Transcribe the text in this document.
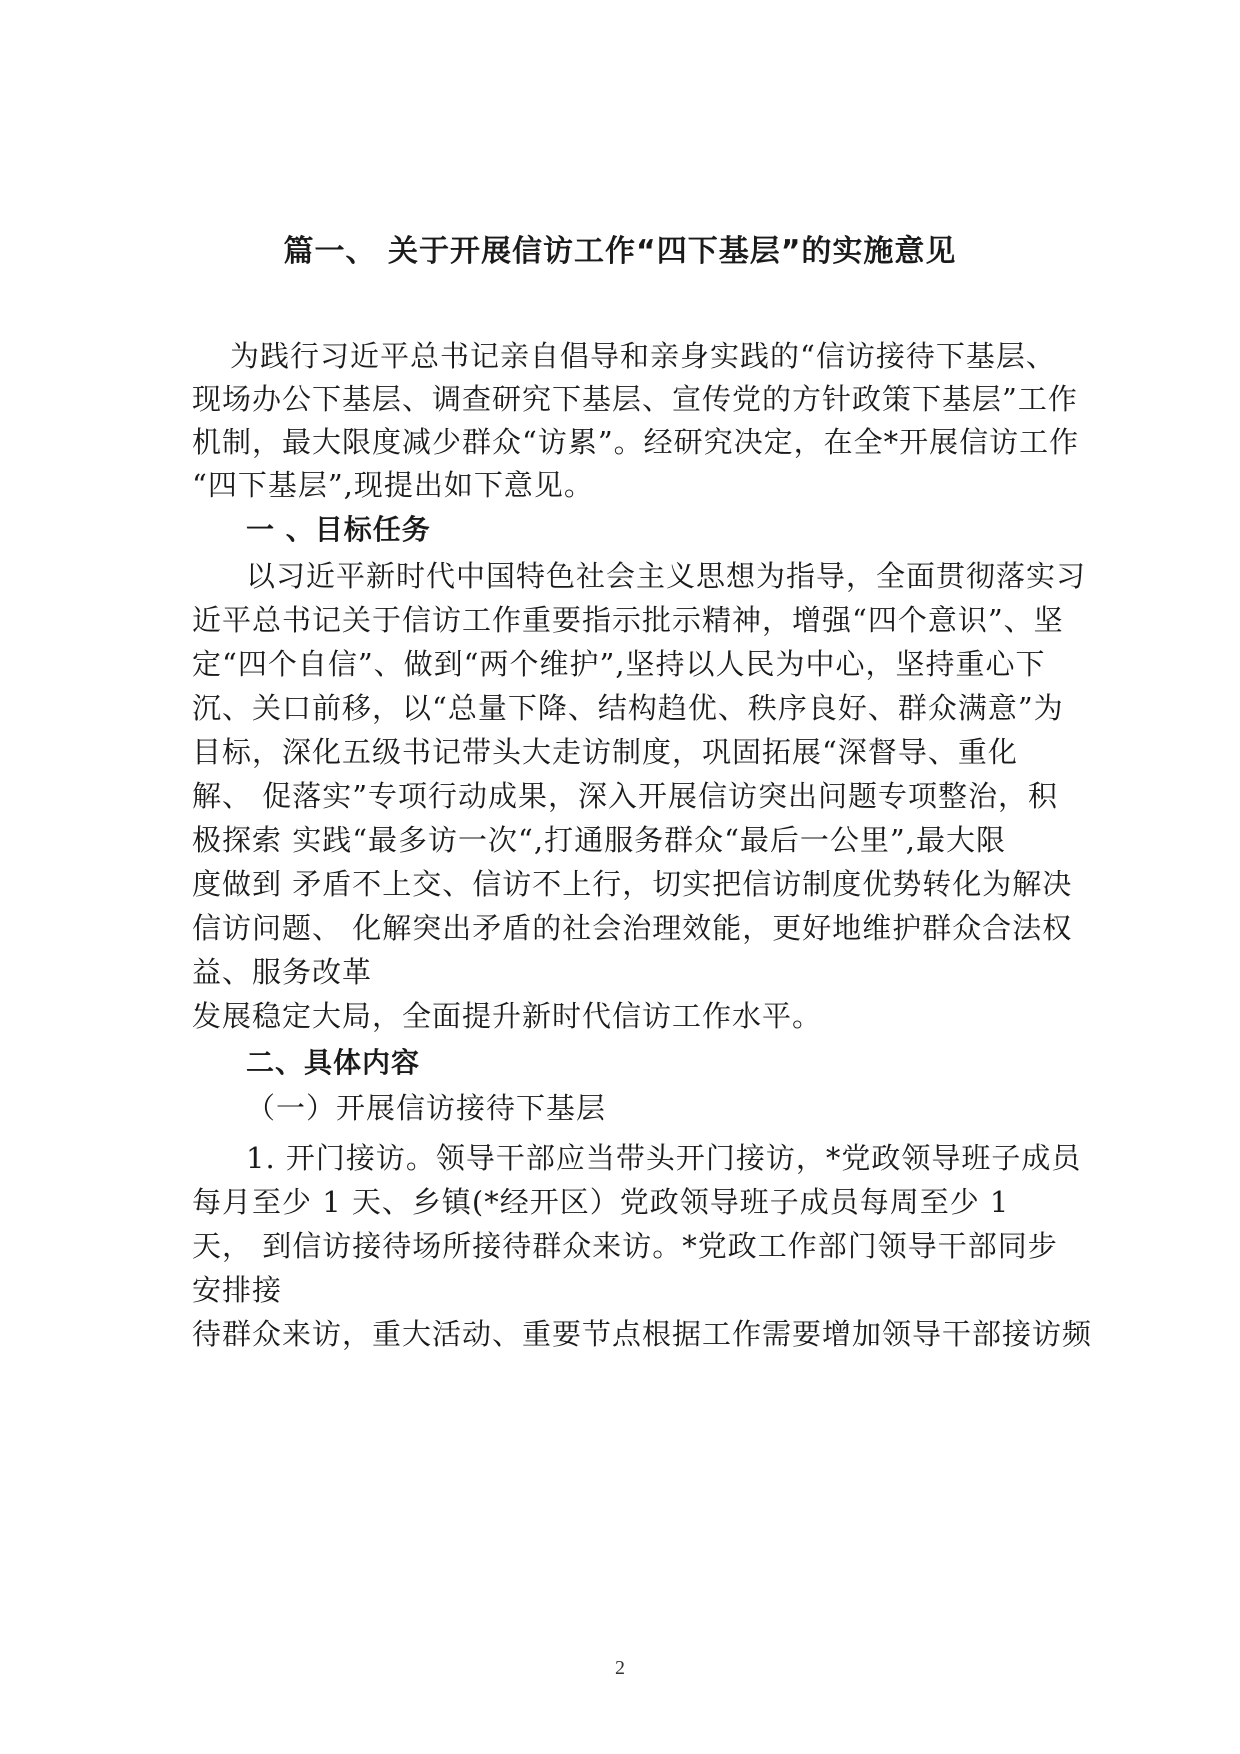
篇一、 关于开展信访工作“四下基层”的实施意见
为践行习近平总书记亲自倡导和亲身实践的“信访接待下基层、
现场办公下基层、调查研究下基层、宣传党的方针政策下基层”工作
机制，最大限度减少群众“访累”。经研究决定，在全*开展信访工作
“四下基层”,现提出如下意见。
一 、目标任务
以习近平新时代中国特色社会主义思想为指导，全面贯彻落实习
近平总书记关于信访工作重要指示批示精神，增强“四个意识”、坚
定“四个自信”、做到“两个维护”,坚持以人民为中心，坚持重心下
沉、关口前移，以“总量下降、结构趋优、秩序良好、群众满意”为
目标，深化五级书记带头大走访制度，巩固拓展“深督导、重化
解、 促落实”专项行动成果，深入开展信访突出问题专项整治，积
极探索 实践“最多访一次“,打通服务群众“最后一公里”,最大限
度做到 矛盾不上交、信访不上行，切实把信访制度优势转化为解决
信访问题、 化解突出矛盾的社会治理效能，更好地维护群众合法权
益、服务改革
发展稳定大局，全面提升新时代信访工作水平。
二、具体内容
（一）开展信访接待下基层
1. 开门接访。领导干部应当带头开门接访，*党政领导班子成员
每月至少 1 天、乡镇(*经开区）党政领导班子成员每周至少 1
天， 到信访接待场所接待群众来访。*党政工作部门领导干部同步
安排接
待群众来访，重大活动、重要节点根据工作需要增加领导干部接访频
2
